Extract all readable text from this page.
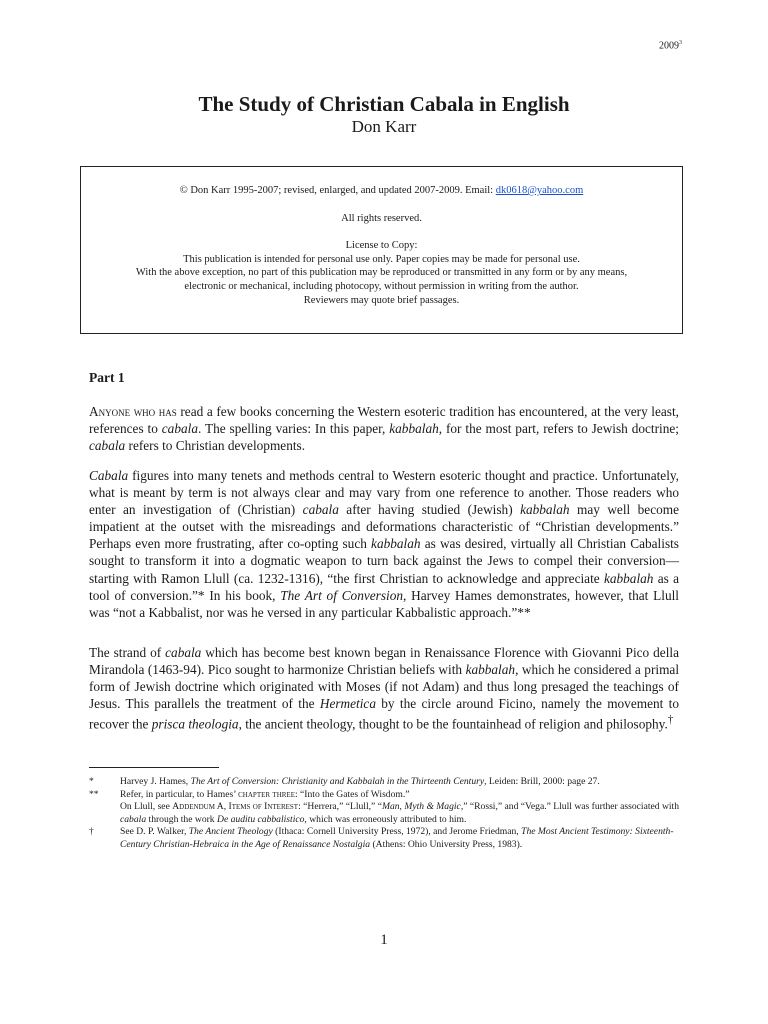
2009$^3$
The Study of Christian Cabala in English
Don Karr

© Don Karr 1995-2007; revised, enlarged, and updated 2007-2009. Email: dk0618@yahoo.com

All rights reserved.

License to Copy:

This publication is intended for personal use only. Paper copies may be made for personal use.

With the above exception, no part of this publication may be reproduced or transmitted in any form or by any means,

electronic or mechanical, including photocopy, without permission in writing from the author.

Reviewers may quote brief passages.

Part 1

Anyone who has read a few books concerning the Western esoteric tradition has encountered, at the very least, references to cabala. The spelling varies: In this paper, kabbalah, for the most part, refers to Jewish doctrine; cabala refers to Christian developments.

Cabala figures into many tenets and methods central to Western esoteric thought and practice. Unfortunately, what is meant by term is not always clear and may vary from one reference to another. Those readers who enter an investigation of (Christian) cabala after having studied (Jewish) kabbalah may well become impatient at the outset with the misreadings and deformations characteristic of “Christian developments.” Perhaps even more frustrating, after co-opting such kabbalah as was desired, virtually all Christian Cabalists sought to transform it into a dogmatic weapon to turn back against the Jews to compel their conversion—starting with Ramon Llull (ca. 1232-1316), “the first Christian to acknowledge and appreciate kabbalah as a tool of conversion.”* In his book, The Art of Conversion, Harvey Hames demonstrates, however, that Llull was “not a Kabbalist, nor was he versed in any particular Kabbalistic approach.”**

The strand of cabala which has become best known began in Renaissance Florence with Giovanni Pico della Mirandola (1463-94). Pico sought to harmonize Christian beliefs with kabbalah, which he considered a primal form of Jewish doctrine which originated with Moses (if not Adam) and thus long presaged the teachings of Jesus. This parallels the treatment of the Hermetica by the circle around Ficino, namely the movement to recover the prisca theologia, the ancient theology, thought to be the fountainhead of religion and philosophy.†

*	Harvey J. Hames, The Art of Conversion: Christianity and Kabbalah in the Thirteenth Century, Leiden: Brill, 2000: page 27.
**	Refer, in particular, to Hames’ chapter three: “Into the Gates of Wisdom.”
On Llull, see Addendum A, Items of Interest: “Herrera,” “Llull,” “Man, Myth & Magic,” “Rossi,” and “Vega.” Llull was further associated with cabala through the work De auditu cabbalistico, which was erroneously attributed to him.
†	See D. P. Walker, The Ancient Theology (Ithaca: Cornell University Press, 1972), and Jerome Friedman, The Most Ancient Testimony: Sixteenth-Century Christian-Hebraica in the Age of Renaissance Nostalgia (Athens: Ohio University Press, 1983).
1
